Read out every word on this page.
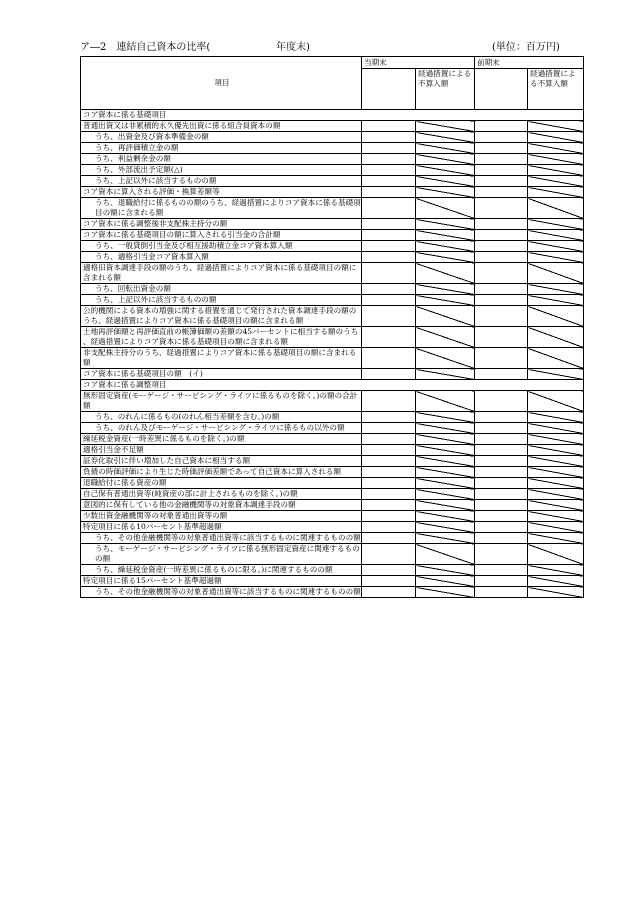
ア―2　連結自己資本の比率(	年度末)	(単位：百万円)
項目	当期末		前期末	
		経過措置による不算入額		経過措置による不算入額
コア資本に係る基礎項目				
普通出資又は非累積的永久優先出資に係る組合員資本の額				
うち、出資金及び資本準備金の額				
うち、再評価積立金の額				
うち、利益剰余金の額				
うち、外部流出予定額(△)				
うち、上記以外に該当するものの額				
コア資本に算入される評価・換算差額等				
うち、退職給付に係るものの額のうち、経過措置によりコア資本に係る基礎項目の額に含まれる額				
コア資本に係る調整後非支配株主持分の額				
コア資本に係る基礎項目の額に算入される引当金の合計額				
うち、一般貸倒引当金及び相互援助積立金コア資本算入額				
うち、適格引当金コア資本算入額				
適格旧資本調達手段の額のうち、経過措置によりコア資本に係る基礎項目の額に含まれる額				
うち、回転出資金の額				
うち、上記以外に該当するものの額				
公的機関による資本の増強に関する措置を通じて発行された資本調達手段の額のうち、経過措置によりコア資本に係る基礎項目の額に含まれる額				
土地再評価額と再評価直前の帳簿価額の差額の45パーセントに相当する額のうち、経過措置によりコア資本に係る基礎項目の額に含まれる額				
非支配株主持分のうち、経過措置によりコア資本に係る基礎項目の額に含まれる額				
コア資本に係る基礎項目の額　(イ)				
コア資本に係る調整項目				
無形固定資産(モーゲージ・サービシング・ライツに係るものを除く。)の額の合計額				
うち、のれんに係るもの(のれん相当差額を含む。)の額				
うち、のれん及びモーゲージ・サービシング・ライツに係るもの以外の額				
繰延税金資産(一時差異に係るものを除く。)の額				
適格引当金不足額				
証券化取引に伴い増加した自己資本に相当する額				
負債の時価評価により生じた時価評価差額であって自己資本に算入される額				
退職給付に係る資産の額				
自己保有普通出資等(純資産の部に計上されるものを除く。)の額				
意図的に保有している他の金融機関等の対象資本調達手段の額				
少数出資金融機関等の対象普通出資等の額				
特定項目に係る10パーセント基準超過額				
うち、その他金融機関等の対象普通出資等に該当するものに関連するものの額				
うち、モーゲージ・サービシング・ライツに係る無形固定資産に関連するものの額				
うち、繰延税金資産(一時差異に係るものに限る。)に関連するものの額				
特定項目に係る15パーセント基準超過額				
うち、その他金融機関等の対象普通出資等に該当するものに関連するものの額				
